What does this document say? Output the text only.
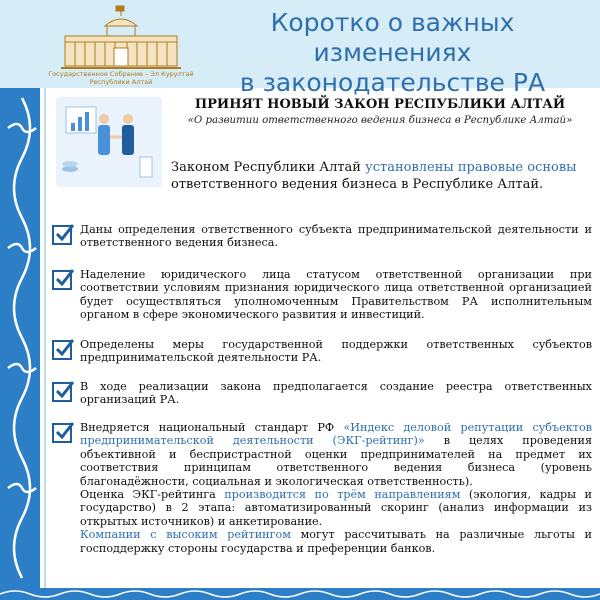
Государственное Собрание – Эл Курултай
Республики Алтай
Коротко о важных изменениях
в законодательстве РА
ПРИНЯТ НОВЫЙ ЗАКОН РЕСПУБЛИКИ АЛТАЙ
«О развитии ответственного ведения бизнеса в Республике Алтай»
Законом Республики Алтай установлены правовые основы ответственного ведения бизнеса в Республике Алтай.
Даны определения ответственного субъекта предпринимательской деятельности и ответственного ведения бизнеса.
Наделение юридического лица статусом ответственной организации при соответствии условиям признания юридического лица ответственной организацией будет осуществляться уполномоченным Правительством РА исполнительным органом в сфере экономического развития и инвестиций.
Определены меры государственной поддержки ответственных субъектов предпринимательской деятельности РА.
В ходе реализации закона предполагается создание реестра ответственных организаций РА.

Внедряется национальный стандарт РФ «Индекс деловой репутации субъектов предпринимательской деятельности (ЭКГ-рейтинг)» в целях проведения объективной и беспристрастной оценки предпринимателей на предмет их соответствия принципам ответственного ведения бизнеса (уровень благонадёжности, социальная и экологическая ответственность).

Оценка ЭКГ-рейтинга производится по трём направлениям (экология, кадры и государство) в 2 этапа: автоматизированный скоринг (анализ информации из открытых источников) и анкетирование.

Компании с высоким рейтингом могут рассчитывать на различные льготы и господдержку стороны государства и преференции банков.
